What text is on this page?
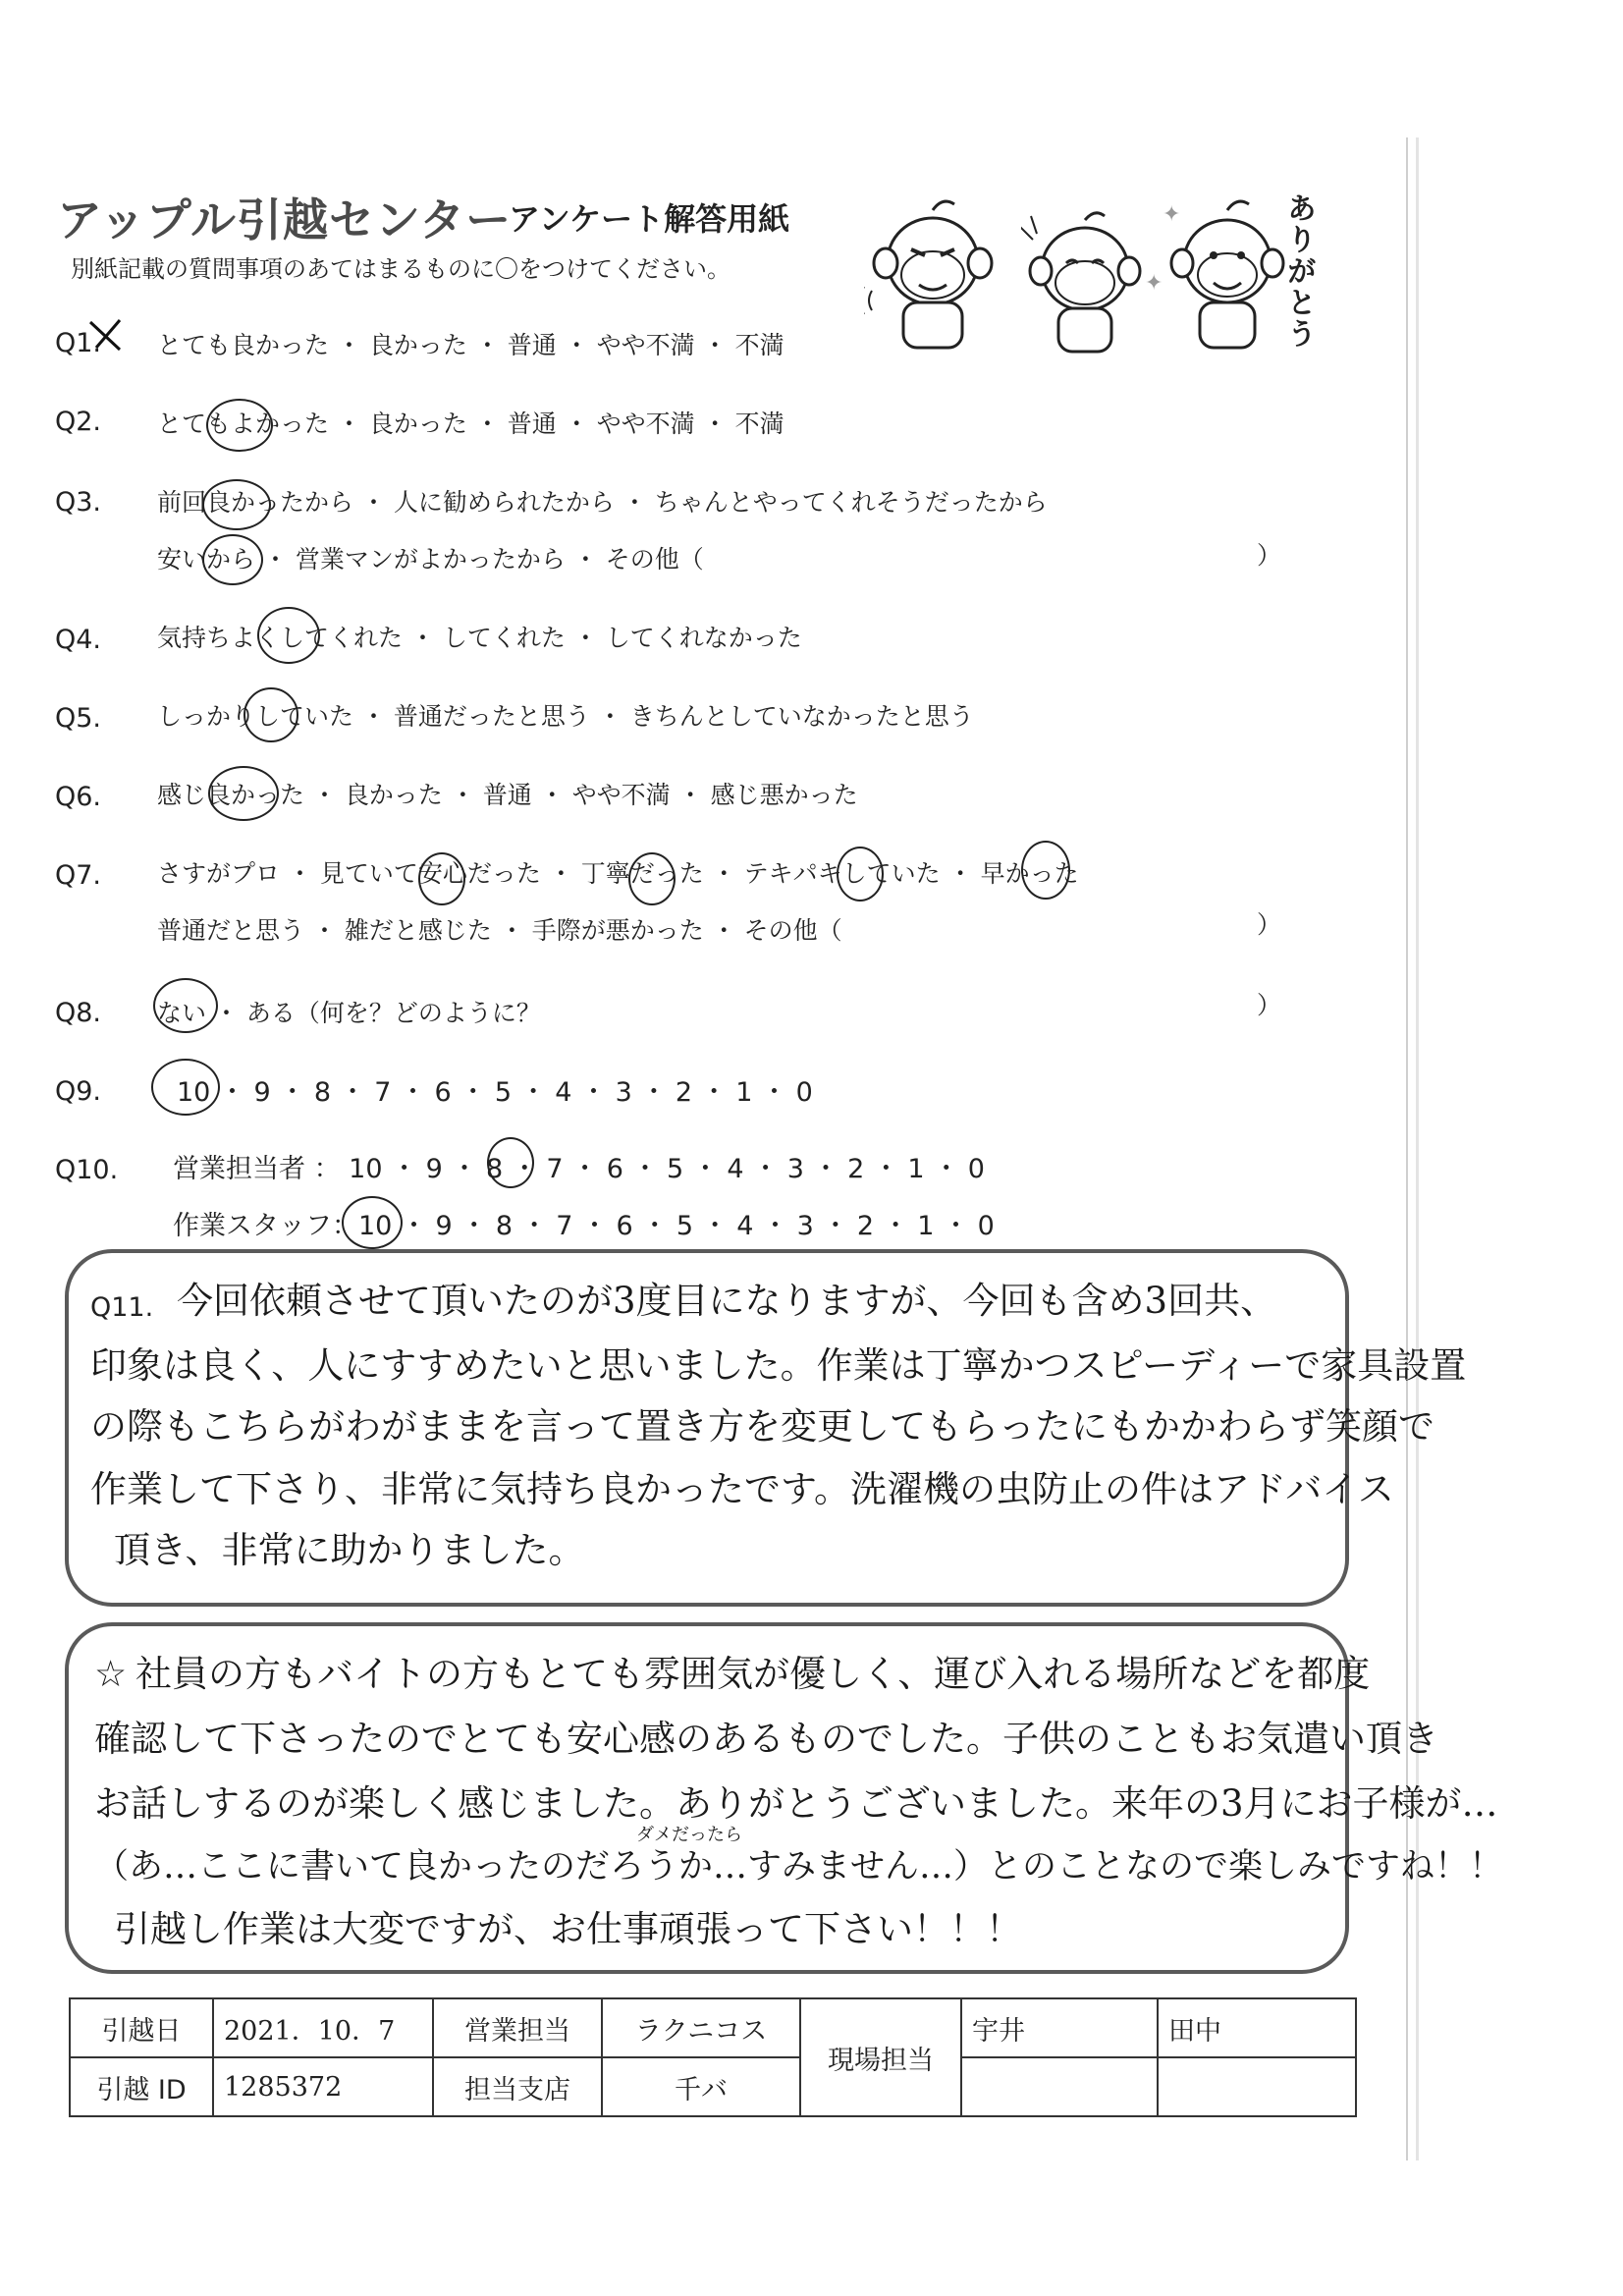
アップル引越センター
アンケート解答用紙
別紙記載の質問事項のあてはまるものに〇をつけてください。
✦
✦	ありがとう
Q1. とても良かった ・ 良かった ・ 普通 ・ やや不満 ・ 不満
Q2. とてもよかった ・ 良かった ・ 普通 ・ やや不満 ・ 不満
Q3. 前回良かったから ・ 人に勧められたから ・ ちゃんとやってくれそうだったから
安いから ・ 営業マンがよかったから ・ その他（	）
Q4. 気持ちよくしてくれた ・ してくれた ・ してくれなかった
Q5. しっかりしていた ・ 普通だったと思う ・ きちんとしていなかったと思う
Q6. 感じ良かった ・ 良かった ・ 普通 ・ やや不満 ・ 感じ悪かった
Q7. さすがプロ ・ 見ていて安心だった ・ 丁寧だった ・ テキパキしていた ・ 早かった
普通だと思う ・ 雑だと感じた ・ 手際が悪かった ・ その他（	）
Q8. ない ・ ある（何を？どのように？	）
Q9.	10 ・ 9 ・ 8 ・ 7 ・ 6 ・ 5 ・ 4 ・ 3 ・ 2 ・ 1 ・ 0
Q10. 営業担当者 ： 10 ・ 9 ・ 8 ・ 7 ・ 6 ・ 5 ・ 4 ・ 3 ・ 2 ・ 1 ・ 0
作業スタッフ：10 ・ 9 ・ 8 ・ 7 ・ 6 ・ 5 ・ 4 ・ 3 ・ 2 ・ 1 ・ 0
Q11. 今回依頼させて頂いたのが3度目になりますが、今回も含め3回共、
印象は良く、人にすすめたいと思いました。作業は丁寧かつスピーディーで家具設置
の際もこちらがわがままを言って置き方を変更してもらったにもかかわらず笑顔で
作業して下さり、非常に気持ち良かったです。洗濯機の虫防止の件はアドバイス
頂き、非常に助かりました。
☆ 社員の方もバイトの方もとても雰囲気が優しく、運び入れる場所などを都度
確認して下さったのでとても安心感のあるものでした。子供のこともお気遣い頂き
お話しするのが楽しく感じました。ありがとうございました。来年の3月にお子様が…
ダメだったら
（あ…ここに書いて良かったのだろうか…すみません…）とのことなので楽しみですね！！
引越し作業は大変ですが、お仕事頑張って下さい！！！
引越日	2021．10．7	営業担当	ラクニコス	現場担当	宇井	田中
引越 ID	1285372	担当支店	千バ			
